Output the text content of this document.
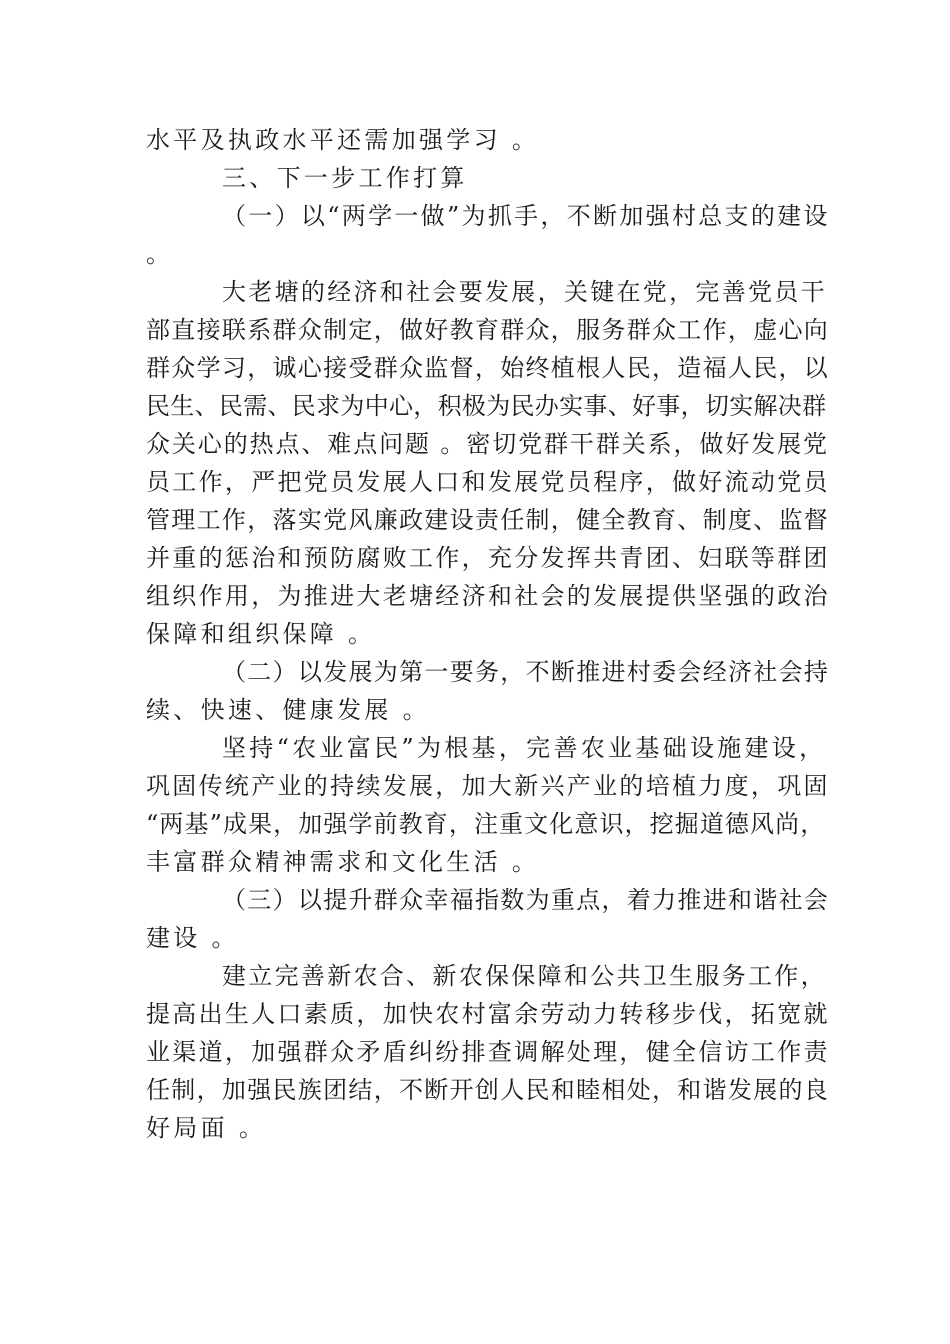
水平及执政水平还需加强学习 。
三、下一步工作打算
（一）以“两学一做”为抓手，不断加强村总支的建设
。
大老塘的经济和社会要发展，关键在党，完善党员干
部直接联系群众制定，做好教育群众，服务群众工作，虚心向
群众学习，诚心接受群众监督，始终植根人民，造福人民，以
民生、民需、民求为中心，积极为民办实事、好事，切实解决群
众关心的热点、难点问题 。密切党群干群关系，做好发展党
员工作，严把党员发展人口和发展党员程序，做好流动党员
管理工作，落实党风廉政建设责任制，健全教育、制度、监督
并重的惩治和预防腐败工作，充分发挥共青团、妇联等群团
组织作用，为推进大老塘经济和社会的发展提供坚强的政治
保障和组织保障 。
（二）以发展为第一要务，不断推进村委会经济社会持
续、快速、健康发展 。
坚持“农业富民”为根基，完善农业基础设施建设，
巩固传统产业的持续发展，加大新兴产业的培植力度，巩固
“两基”成果，加强学前教育，注重文化意识，挖掘道德风尚，
丰富群众精神需求和文化生活 。
（三）以提升群众幸福指数为重点，着力推进和谐社会
建设 。
建立完善新农合、新农保保障和公共卫生服务工作，
提高出生人口素质，加快农村富余劳动力转移步伐，拓宽就
业渠道，加强群众矛盾纠纷排查调解处理，健全信访工作责
任制，加强民族团结，不断开创人民和睦相处，和谐发展的良
好局面 。
